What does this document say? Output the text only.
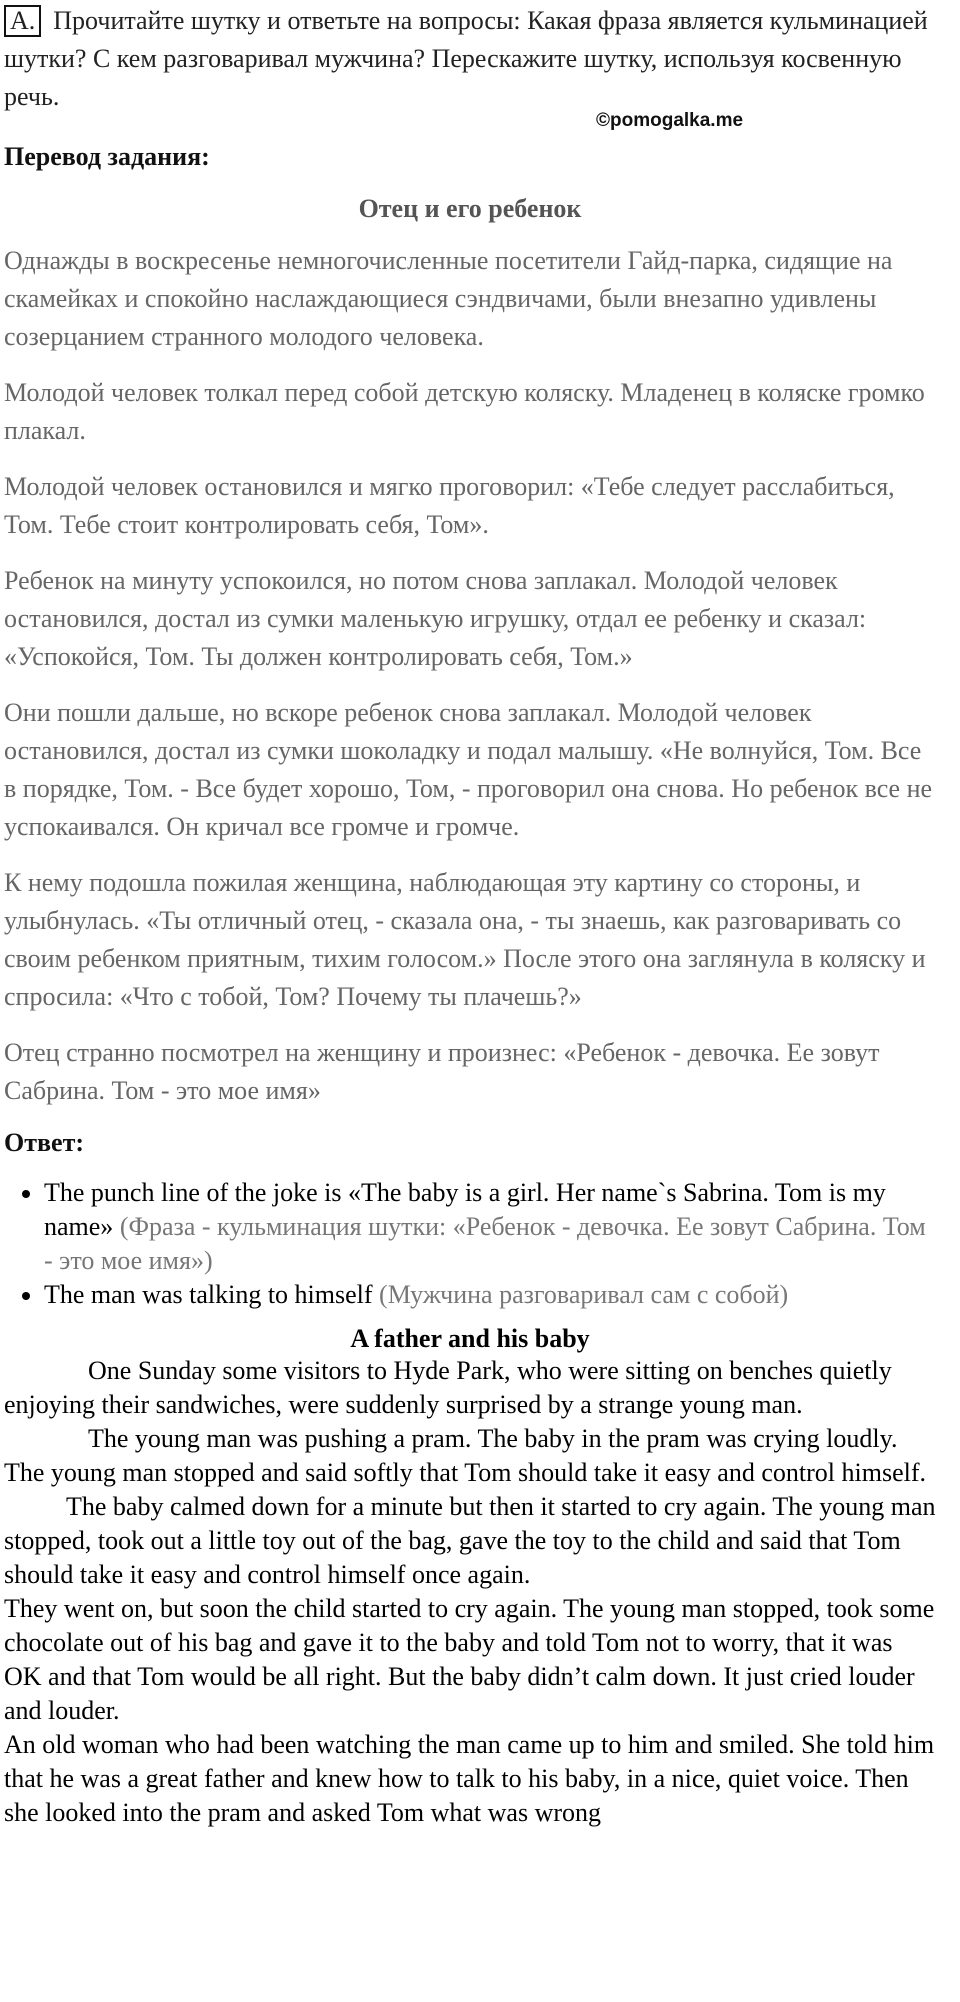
A. Прочитайте шутку и ответьте на вопросы: Какая фраза является кульминацией шутки? С кем разговаривал мужчина? Перескажите шутку, используя косвенную речь.
©pomogalka.me
Перевод задания:
Отец и его ребенок

Однажды в воскресенье немногочисленные посетители Гайд-парка, сидящие на скамейках и спокойно наслаждающиеся сэндвичами, были внезапно удивлены созерцанием странного молодого человека.

Молодой человек толкал перед собой детскую коляску. Младенец в коляске громко плакал.

Молодой человек остановился и мягко проговорил: «Тебе следует расслабиться, Том. Тебе стоит контролировать себя, Том».

Ребенок на минуту успокоился, но потом снова заплакал. Молодой человек остановился, достал из сумки маленькую игрушку, отдал ее ребенку и сказал: «Успокойся, Том. Ты должен контролировать себя, Том.»

Они пошли дальше, но вскоре ребенок снова заплакал. Молодой человек остановился, достал из сумки шоколадку и подал малышу. «Не волнуйся, Том. Все в порядке, Том. - Все будет хорошо, Том, - проговорил она снова. Но ребенок все не успокаивался. Он кричал все громче и громче.

К нему подошла пожилая женщина, наблюдающая эту картину со стороны, и улыбнулась. «Ты отличный отец, - сказала она, - ты знаешь, как разговаривать со своим ребенком приятным, тихим голосом.» После этого она заглянула в коляску и спросила: «Что с тобой, Том? Почему ты плачешь?»

Отец странно посмотрел на женщину и произнес: «Ребенок - девочка. Ее зовут Сабрина. Том - это мое имя»

Ответ:
• The punch line of the joke is «The baby is a girl. Her name`s Sabrina. Tom is my name» (Фраза - кульминация шутки: «Ребенок - девочка. Ее зовут Сабрина. Том - это мое имя»)
• The man was talking to himself (Мужчина разговаривал сам с собой)
A father and his baby

One Sunday some visitors to Hyde Park, who were sitting on benches quietly enjoying their sandwiches, were suddenly surprised by a strange young man.

The young man was pushing a pram. The baby in the pram was crying loudly. The young man stopped and said softly that Tom should take it easy and control himself.

The baby calmed down for a minute but then it started to cry again. The young man stopped, took out a little toy out of the bag, gave the toy to the child and said that Tom should take it easy and control himself once again.

They went on, but soon the child started to cry again. The young man stopped, took some chocolate out of his bag and gave it to the baby and told Tom not to worry, that it was OK and that Tom would be all right. But the baby didn’t calm down. It just cried louder and louder.

An old woman who had been watching the man came up to him and smiled. She told him that he was a great father and knew how to talk to his baby, in a nice, quiet voice. Then she looked into the pram and asked Tom what was wrong
